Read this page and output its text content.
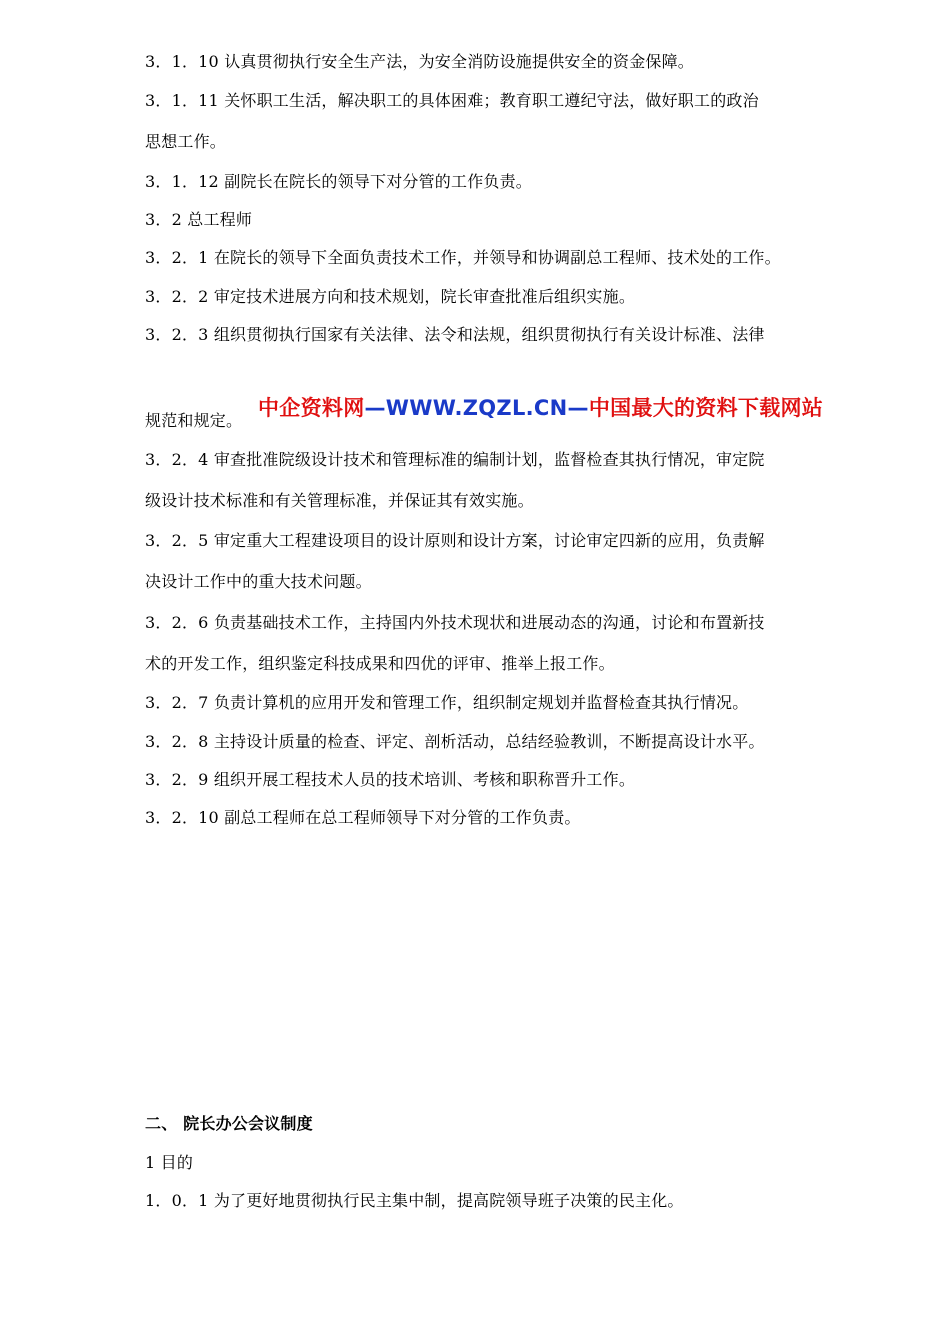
3．1．10 认真贯彻执行安全生产法，为安全消防设施提供安全的资金保障。
3．1．11 关怀职工生活，解决职工的具体困难；教育职工遵纪守法，做好职工的政治
思想工作。
3．1．12 副院长在院长的领导下对分管的工作负责。
3．2 总工程师
3．2．1 在院长的领导下全面负责技术工作，并领导和协调副总工程师、技术处的工作。
3．2．2 审定技术进展方向和技术规划，院长审查批准后组织实施。
3．2．3 组织贯彻执行国家有关法律、法令和法规，组织贯彻执行有关设计标准、法律
中企资料网—WWW.ZQZL.CN—中国最大的资料下载网站
规范和规定。
3．2．4 审查批准院级设计技术和管理标准的编制计划，监督检查其执行情况，审定院
级设计技术标准和有关管理标准，并保证其有效实施。
3．2．5 审定重大工程建设项目的设计原则和设计方案，讨论审定四新的应用，负责解
决设计工作中的重大技术问题。
3．2．6 负责基础技术工作，主持国内外技术现状和进展动态的沟通，讨论和布置新技
术的开发工作，组织鉴定科技成果和四优的评审、推举上报工作。
3．2．7 负责计算机的应用开发和管理工作，组织制定规划并监督检查其执行情况。
3．2．8 主持设计质量的检查、评定、剖析活动，总结经验教训，不断提高设计水平。
3．2．9 组织开展工程技术人员的技术培训、考核和职称晋升工作。
3．2．10 副总工程师在总工程师领导下对分管的工作负责。
二、 院长办公会议制度
1 目的
1．0．1 为了更好地贯彻执行民主集中制，提高院领导班子决策的民主化。
